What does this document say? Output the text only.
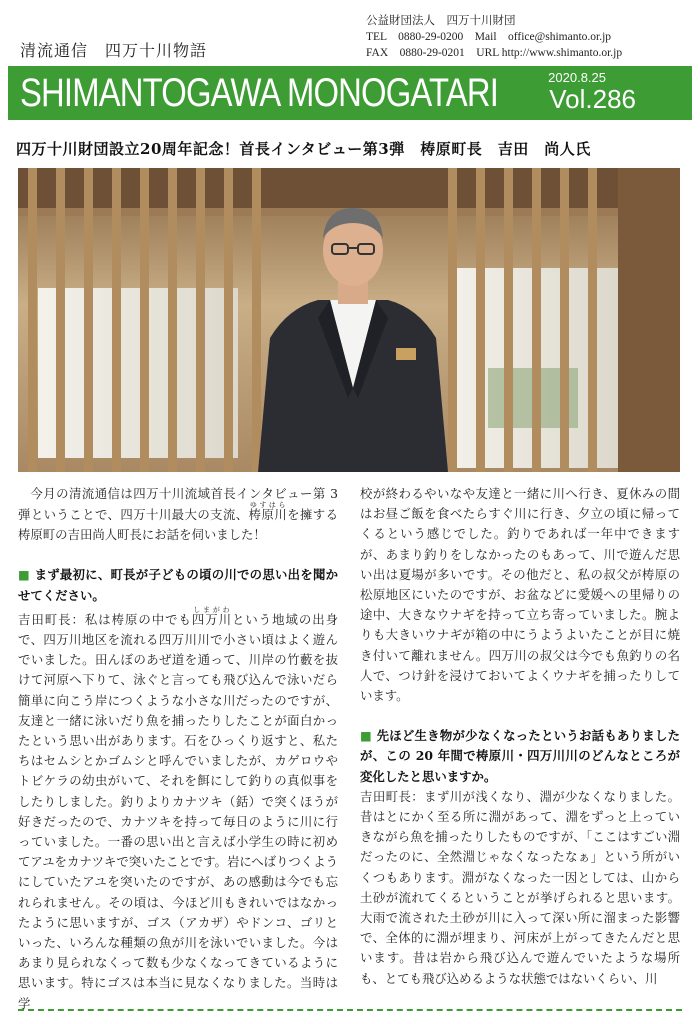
清流通信　四万十川物語
公益財団法人　四万十川財団
TEL　0880-29-0200　Mail　office@shimanto.or.jp
FAX　0880-29-0201　URL http://www.shimanto.or.jp
SHIMANTOGAWA MONOGATARI	2020.8.25
Vol.286
四万十川財団設立20周年記念！首長インタビュー第3弾　梼原町長　吉田　尚人氏

今月の清流通信は四万十川流域首長インタビュー第 3 弾ということで、四万十川最大の支流、梼原川ゆすはらを擁する梼原町の吉田尚人町長にお話を伺いました！

■ まず最初に、町長が子どもの頃の川での思い出を聞かせてください。

吉田町長：私は梼原の中でも四万川しまがわという地域の出身で、四万川地区を流れる四万川川で小さい頃はよく遊んでいました。田んぼのあぜ道を通って、川岸の竹藪を抜けて河原へ下りて、泳ぐと言っても飛び込んで泳いだら簡単に向こう岸につくような小さな川だったのですが、友達と一緒に泳いだり魚を捕ったりしたことが面白かったという思い出があります。石をひっくり返すと、私たちはセムシとかゴムシと呼んでいましたが、カゲロウやトビケラの幼虫がいて、それを餌にして釣りの真似事をしたりしました。釣りよりカナツキ（銛）で突くほうが好きだったので、カナツキを持って毎日のように川に行っていました。一番の思い出と言えば小学生の時に初めてアユをカナツキで突いたことです。岩にへばりつくようにしていたアユを突いたのですが、あの感動は今でも忘れられません。その頃は、今ほど川もきれいではなかったように思いますが、ゴス（アカザ）やドンコ、ゴリといった、いろんな種類の魚が川を泳いでいました。今はあまり見られなくって数も少なくなってきているように思います。特にゴスは本当に見なくなりました。当時は学

校が終わるやいなや友達と一緒に川へ行き、夏休みの間はお昼ご飯を食べたらすぐ川に行き、夕立の頃に帰ってくるという感じでした。釣りであれば一年中できますが、あまり釣りをしなかったのもあって、川で遊んだ思い出は夏場が多いです。その他だと、私の叔父が梼原の松原地区にいたのですが、お盆などに愛媛への里帰りの途中、大きなウナギを持って立ち寄っていました。腕よりも大きいウナギが箱の中にうようよいたことが目に焼き付いて離れません。四万川の叔父は今でも魚釣りの名人で、つけ針を浸けておいてよくウナギを捕ったりしています。

■ 先ほど生き物が少なくなったというお話もありましたが、この 20 年間で梼原川・四万川川のどんなところが変化したと思いますか。

吉田町長：まず川が浅くなり、淵が少なくなりました。昔はとにかく至る所に淵があって、淵をずっと上っていきながら魚を捕ったりしたものですが、「ここはすごい淵だったのに、全然淵じゃなくなったなぁ」という所がいくつもあります。淵がなくなった一因としては、山から土砂が流れてくるということが挙げられると思います。大雨で流された土砂が川に入って深い所に溜まった影響で、全体的に淵が埋まり、河床が上がってきたんだと思います。昔は岩から飛び込んで遊んでいたような場所も、とても飛び込めるような状態ではないくらい、川
